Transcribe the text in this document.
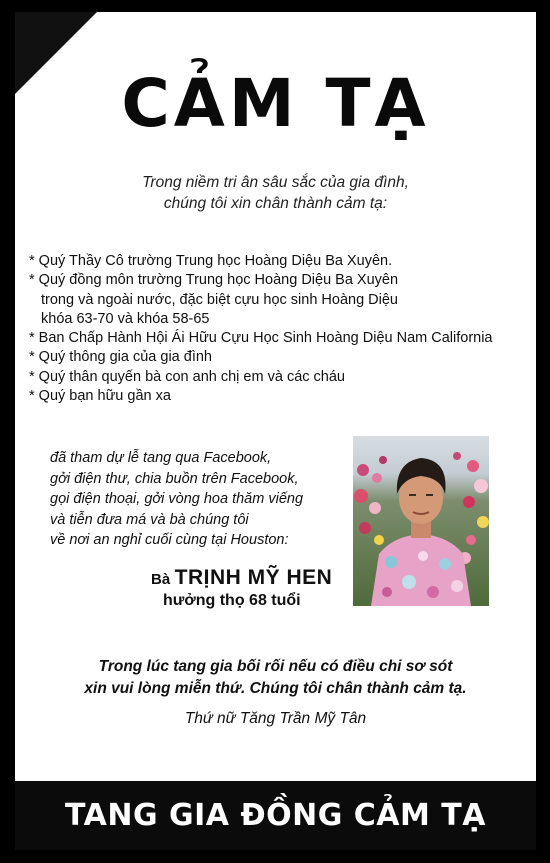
CẢM TẠ
Trong niềm tri ân sâu sắc của gia đình,
chúng tôi xin chân thành cảm tạ:
* Quý Thầy Cô trường Trung học Hoàng Diệu Ba Xuyên.
* Quý đồng môn trường Trung học Hoàng Diệu Ba Xuyên
trong và ngoài nước, đặc biệt cựu học sinh Hoàng Diệu
khóa 63-70 và khóa 58-65
* Ban Chấp Hành Hội Ái Hữu Cựu Học Sinh Hoàng Diệu Nam California
* Quý thông gia của gia đình
* Quý thân quyến bà con anh chị em và các cháu
* Quý bạn hữu gần xa
đã tham dự lễ tang qua Facebook,
gởi điện thư, chia buồn trên Facebook,
gọi điện thoại, gởi vòng hoa thăm viếng
và tiễn đưa má và bà chúng tôi
về nơi an nghỉ cuối cùng tại Houston:
Bà TRỊNH MỸ HEN
hưởng thọ 68 tuổi
Trong lúc tang gia bối rối nếu có điều chi sơ sót
xin vui lòng miễn thứ. Chúng tôi chân thành cảm tạ.
Thứ nữ Tăng Trần Mỹ Tân
TANG GIA ĐỒNG CẢM TẠ
